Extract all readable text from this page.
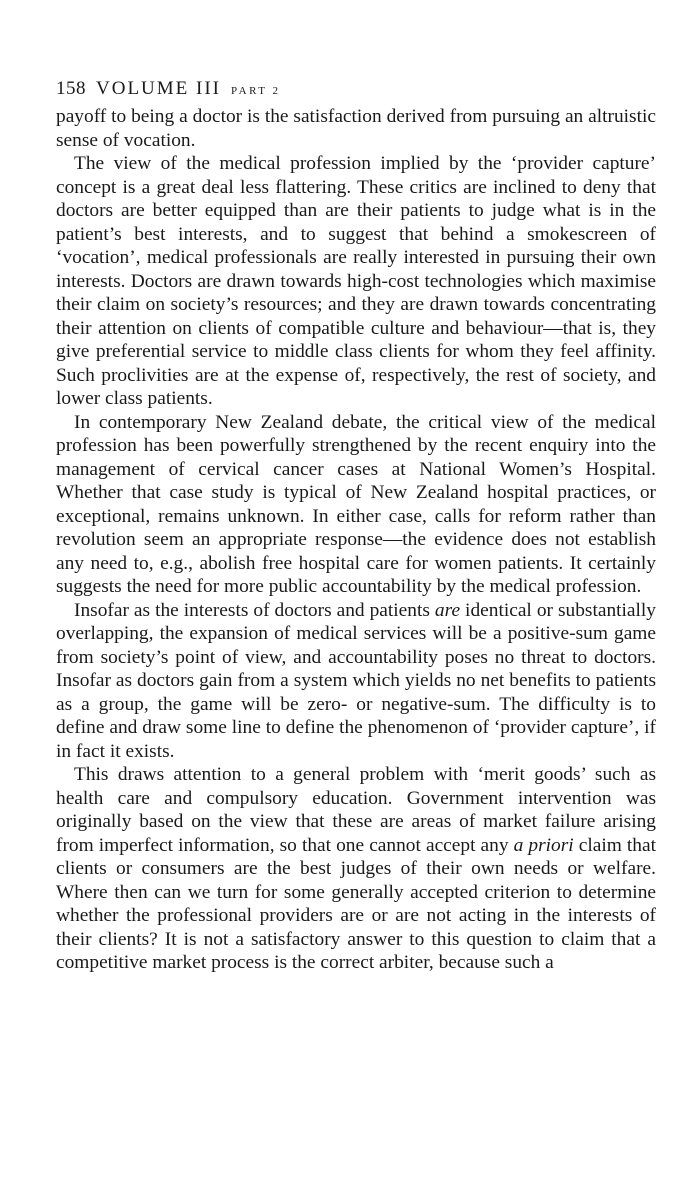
158 VOLUME III PART 2

payoff to being a doctor is the satisfaction derived from pursuing an altruistic sense of vocation.

The view of the medical profession implied by the ‘provider capture’ concept is a great deal less flattering. These critics are inclined to deny that doctors are better equipped than are their patients to judge what is in the patient’s best interests, and to suggest that behind a smokescreen of ‘vocation’, medical professionals are really interested in pursuing their own interests. Doctors are drawn towards high-cost technologies which maximise their claim on society’s resources; and they are drawn towards concentrating their attention on clients of compatible culture and behaviour—that is, they give preferential service to middle class clients for whom they feel affinity. Such proclivities are at the expense of, respectively, the rest of society, and lower class patients.

In contemporary New Zealand debate, the critical view of the medical profession has been powerfully strengthened by the recent enquiry into the management of cervical cancer cases at National Women’s Hospital. Whether that case study is typical of New Zealand hospital practices, or exceptional, remains unknown. In either case, calls for reform rather than revolution seem an appropriate response—the evidence does not establish any need to, e.g., abolish free hospital care for women patients. It certainly suggests the need for more public accountability by the medical profession.

Insofar as the interests of doctors and patients are identical or substantially overlapping, the expansion of medical services will be a positive-sum game from society’s point of view, and accountability poses no threat to doctors. Insofar as doctors gain from a system which yields no net benefits to patients as a group, the game will be zero- or negative-sum. The difficulty is to define and draw some line to define the phenomenon of ‘provider capture’, if in fact it exists.

This draws attention to a general problem with ‘merit goods’ such as health care and compulsory education. Government intervention was originally based on the view that these are areas of market failure arising from imperfect information, so that one cannot accept any a priori claim that clients or consumers are the best judges of their own needs or welfare. Where then can we turn for some generally accepted criterion to determine whether the professional providers are or are not acting in the interests of their clients? It is not a satisfactory answer to this question to claim that a competitive market process is the correct arbiter, because such a
